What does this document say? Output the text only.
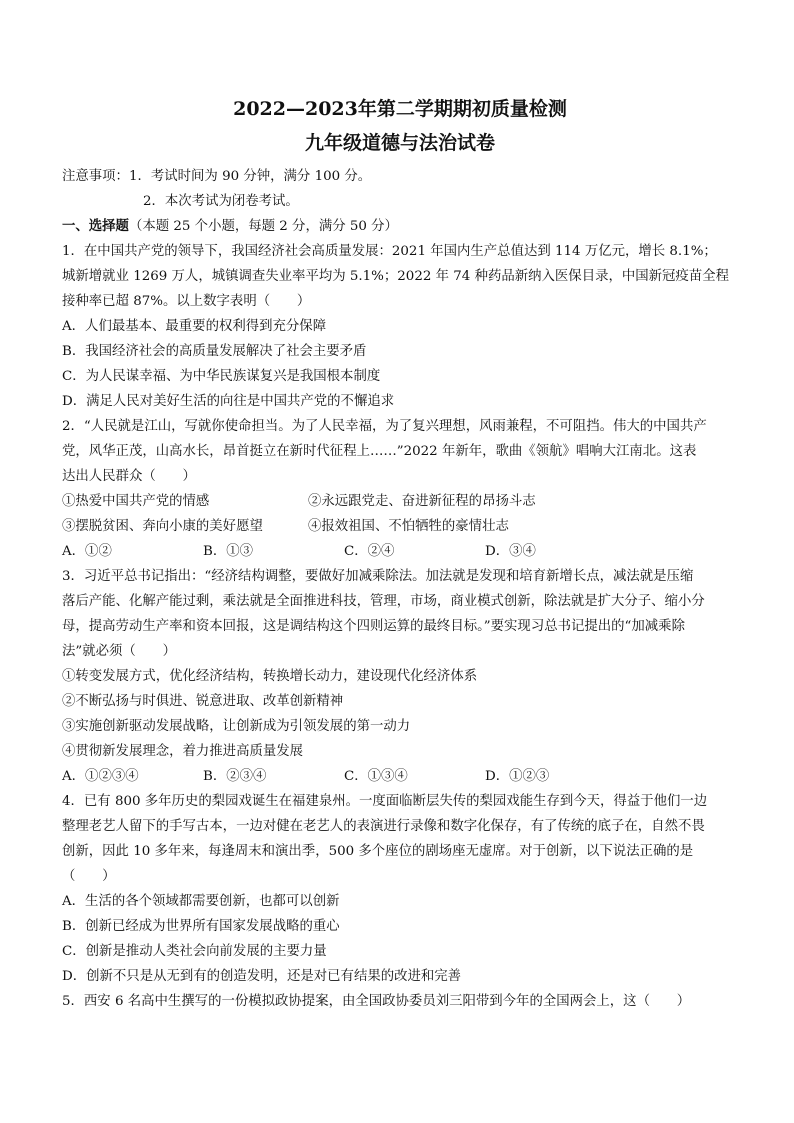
2022—2023年第二学期期初质量检测

九年级道德与法治试卷

注意事项：1．考试时间为 90 分钟，满分 100 分。

2．本次考试为闭卷考试。

一、选择题（本题 25 个小题，每题 2 分，满分 50 分）

1．在中国共产党的领导下，我国经济社会高质量发展：2021 年国内生产总值达到 114 万亿元，增长 8.1%；

城新增就业 1269 万人，城镇调查失业率平均为 5.1%；2022 年 74 种药品新纳入医保目录，中国新冠疫苗全程

接种率已超 87%。以上数字表明（　　）

A．人们最基本、最重要的权利得到充分保障

B．我国经济社会的高质量发展解决了社会主要矛盾

C．为人民谋幸福、为中华民族谋复兴是我国根本制度

D．满足人民对美好生活的向往是中国共产党的不懈追求

2．“人民就是江山，写就你使命担当。为了人民幸福，为了复兴理想，风雨兼程，不可阻挡。伟大的中国共产

党，风华正茂，山高水长，昂首挺立在新时代征程上……”2022 年新年，歌曲《领航》唱响大江南北。这表

达出人民群众（　　）

①热爱中国共产党的情感	②永远跟党走、奋进新征程的昂扬斗志
③摆脱贫困、奔向小康的美好愿望	④报效祖国、不怕牺牲的豪情壮志
A．①②	B．①③	C．②④	D．③④

3．习近平总书记指出：“经济结构调整，要做好加减乘除法。加法就是发现和培育新增长点，减法就是压缩

落后产能、化解产能过剩，乘法就是全面推进科技，管理，市场，商业模式创新，除法就是扩大分子、缩小分

母，提高劳动生产率和资本回报，这是调结构这个四则运算的最终目标。”要实现习总书记提出的“加减乘除

法”就必须（　　）

①转变发展方式，优化经济结构，转换增长动力，建设现代化经济体系

②不断弘扬与时俱进、锐意进取、改革创新精神

③实施创新驱动发展战略，让创新成为引领发展的第一动力

④贯彻新发展理念，着力推进高质量发展

A．①②③④	B．②③④	C．①③④	D．①②③

4．已有 800 多年历史的梨园戏诞生在福建泉州。一度面临断层失传的梨园戏能生存到今天，得益于他们一边

整理老艺人留下的手写古本，一边对健在老艺人的表演进行录像和数字化保存，有了传统的底子在，自然不畏

创新，因此 10 多年来，每逢周末和演出季，500 多个座位的剧场座无虚席。对于创新，以下说法正确的是

（　　）

A．生活的各个领域都需要创新，也都可以创新

B．创新已经成为世界所有国家发展战略的重心

C．创新是推动人类社会向前发展的主要力量

D．创新不只是从无到有的创造发明，还是对已有结果的改进和完善

5．西安 6 名高中生撰写的一份模拟政协提案，由全国政协委员刘三阳带到今年的全国两会上，这（　　）
